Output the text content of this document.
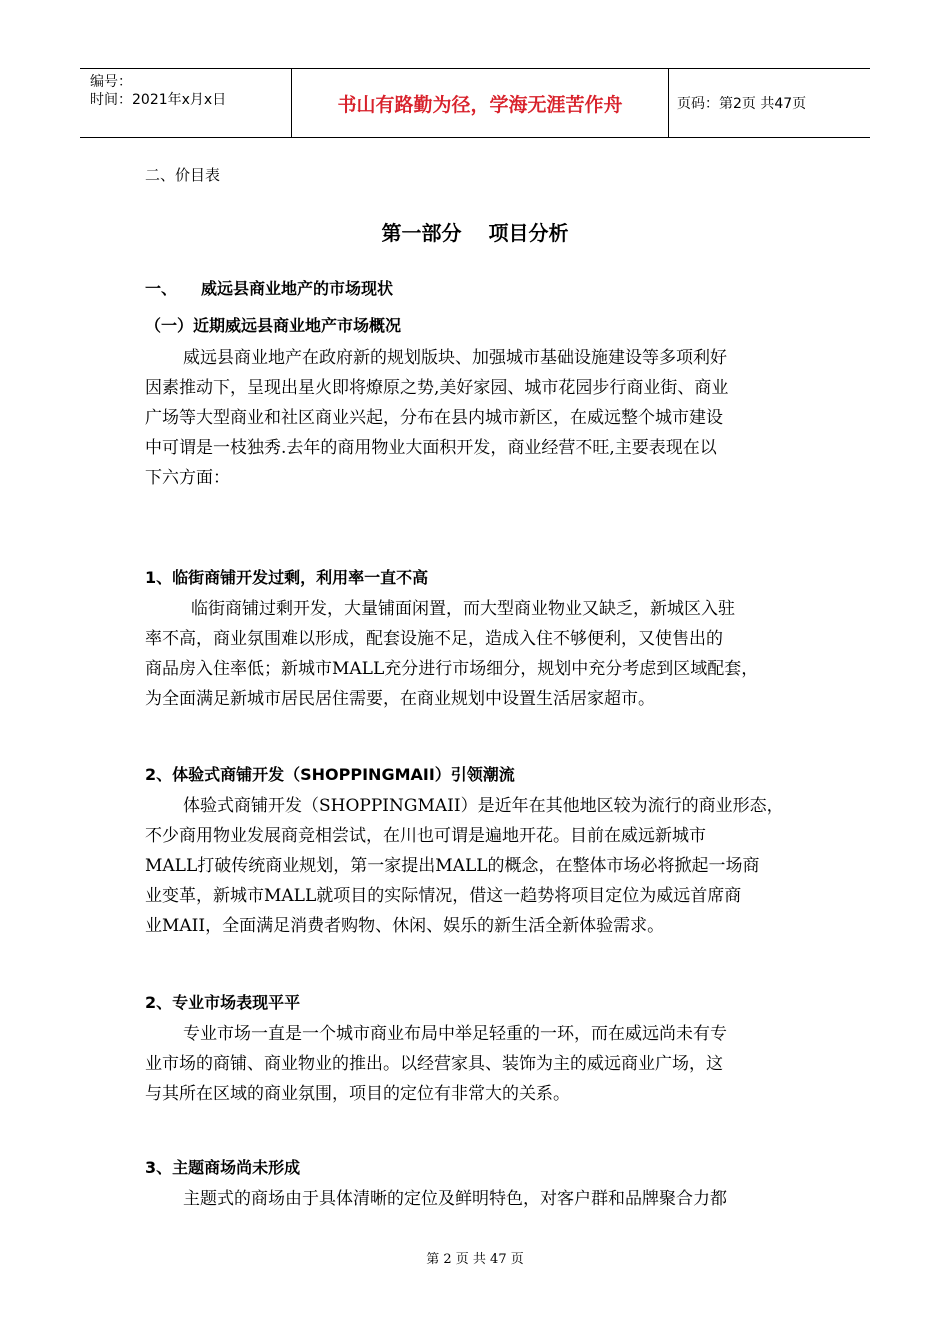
编号：
时间：2021年x月x日	书山有路勤为径，学海无涯苦作舟	页码：第2页 共47页
二、价目表
第一部分　 项目分析
一、　　威远县商业地产的市场现状
（一）近期威远县商业地产市场概况
威远县商业地产在政府新的规划版块、加强城市基础设施建设等多项利好
因素推动下，呈现出星火即将燎原之势,美好家园、城市花园步行商业街、商业
广场等大型商业和社区商业兴起，分布在县内城市新区，在威远整个城市建设
中可谓是一枝独秀.去年的商用物业大面积开发，商业经营不旺,主要表现在以
下六方面：
1、临街商铺开发过剩，利用率一直不高
临街商铺过剩开发，大量铺面闲置，而大型商业物业又缺乏，新城区入驻
率不高，商业氛围难以形成，配套设施不足，造成入住不够便利，又使售出的
商品房入住率低；新城市MALL充分进行市场细分，规划中充分考虑到区域配套，
为全面满足新城市居民居住需要，在商业规划中设置生活居家超市。
2、体验式商铺开发（SHOPPINGMAII）引领潮流
体验式商铺开发（SHOPPINGMAII）是近年在其他地区较为流行的商业形态，
不少商用物业发展商竞相尝试，在川也可谓是遍地开花。目前在威远新城市
MALL打破传统商业规划，第一家提出MALL的概念，在整体市场必将掀起一场商
业变革，新城市MALL就项目的实际情况，借这一趋势将项目定位为威远首席商
业MAII，全面满足消费者购物、休闲、娱乐的新生活全新体验需求。
2、专业市场表现平平
专业市场一直是一个城市商业布局中举足轻重的一环，而在威远尚未有专
业市场的商铺、商业物业的推出。以经营家具、装饰为主的威远商业广场，这
与其所在区域的商业氛围，项目的定位有非常大的关系。
3、主题商场尚未形成
主题式的商场由于具体清晰的定位及鲜明特色，对客户群和品牌聚合力都
第 2 页 共 47 页
